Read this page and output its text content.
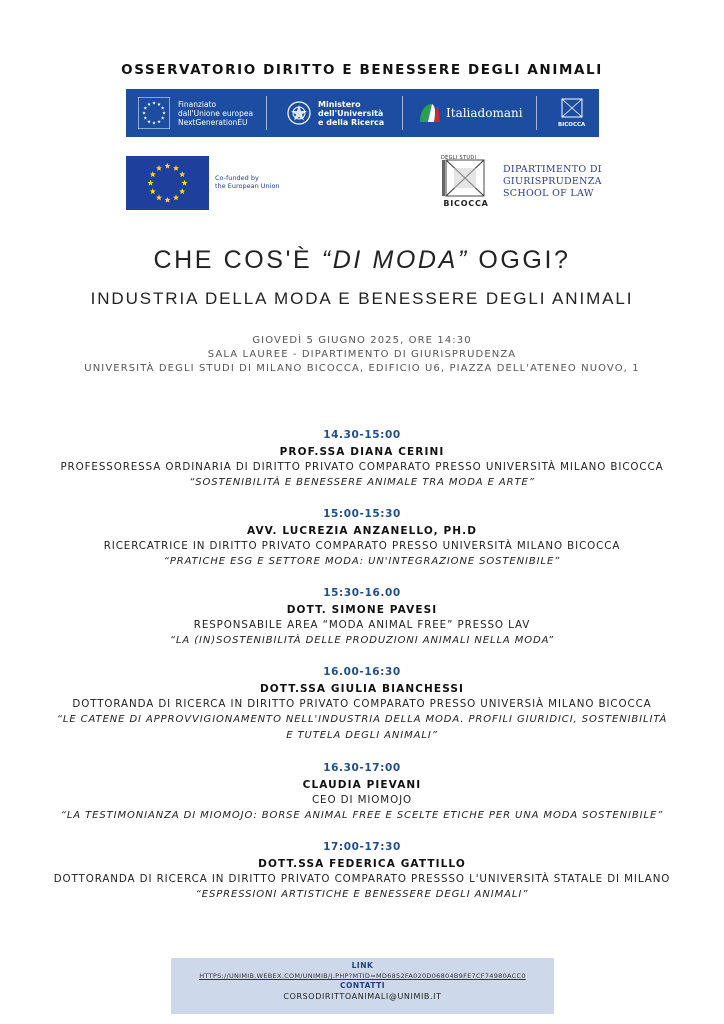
OSSERVATORIO DIRITTO E BENESSERE DEGLI ANIMALI
Finanziato
dall'Unione europea
NextGenerationEU
Ministero
dell'Università
e della Ricerca
Italiadomani
BICOCCA
Co-funded by
the European Union
DEGLI STUDI
BICOCCA
DIPARTIMENTO DI
GIURISPRUDENZA
SCHOOL OF LAW
CHE COS'È “DI MODA” OGGI?
INDUSTRIA DELLA MODA E BENESSERE DEGLI ANIMALI
GIOVEDÌ 5 GIUGNO 2025, ORE 14:30
SALA LAUREE - DIPARTIMENTO DI GIURISPRUDENZA
UNIVERSITÀ DEGLI STUDI DI MILANO BICOCCA, EDIFICIO U6, PIAZZA DELL'ATENEO NUOVO, 1
14.30-15:00
PROF.SSA DIANA CERINI
PROFESSORESSA ORDINARIA DI DIRITTO PRIVATO COMPARATO PRESSO UNIVERSITÀ MILANO BICOCCA
“SOSTENIBILITÀ E BENESSERE ANIMALE TRA MODA E ARTE”
15:00-15:30
AVV. LUCREZIA ANZANELLO, PH.D
RICERCATRICE IN DIRITTO PRIVATO COMPARATO PRESSO UNIVERSITÀ MILANO BICOCCA
“PRATICHE ESG E SETTORE MODA: UN'INTEGRAZIONE SOSTENIBILE”
15:30-16.00
DOTT. SIMONE PAVESI
RESPONSABILE AREA “MODA ANIMAL FREE” PRESSO LAV
“LA (IN)SOSTENIBILITÀ DELLE PRODUZIONI ANIMALI NELLA MODA”
16.00-16:30
DOTT.SSA GIULIA BIANCHESSI
DOTTORANDA DI RICERCA IN DIRITTO PRIVATO COMPARATO PRESSO UNIVERSIÀ MILANO BICOCCA
“LE CATENE DI APPROVVIGIONAMENTO NELL'INDUSTRIA DELLA MODA. PROFILI GIURIDICI, SOSTENIBILITÀ E TUTELA DEGLI ANIMALI”
16.30-17:00
CLAUDIA PIEVANI
CEO DI MIOMOJO
“LA TESTIMONIANZA DI MIOMOJO: BORSE ANIMAL FREE E SCELTE ETICHE PER UNA MODA SOSTENIBILE”
17:00-17:30
DOTT.SSA FEDERICA GATTILLO
DOTTORANDA DI RICERCA IN DIRITTO PRIVATO COMPARATO PRESSSO L'UNIVERSITÀ STATALE DI MILANO
“ESPRESSIONI ARTISTICHE E BENESSERE DEGLI ANIMALI”
LINK
HTTPS://UNIMIB.WEBEX.COM/UNIMIB/J.PHP?MTID=MD6852FA020D06804B9FE7CF74980ACC0
CONTATTI
CORSODIRITTOANIMALI@UNIMIB.IT
